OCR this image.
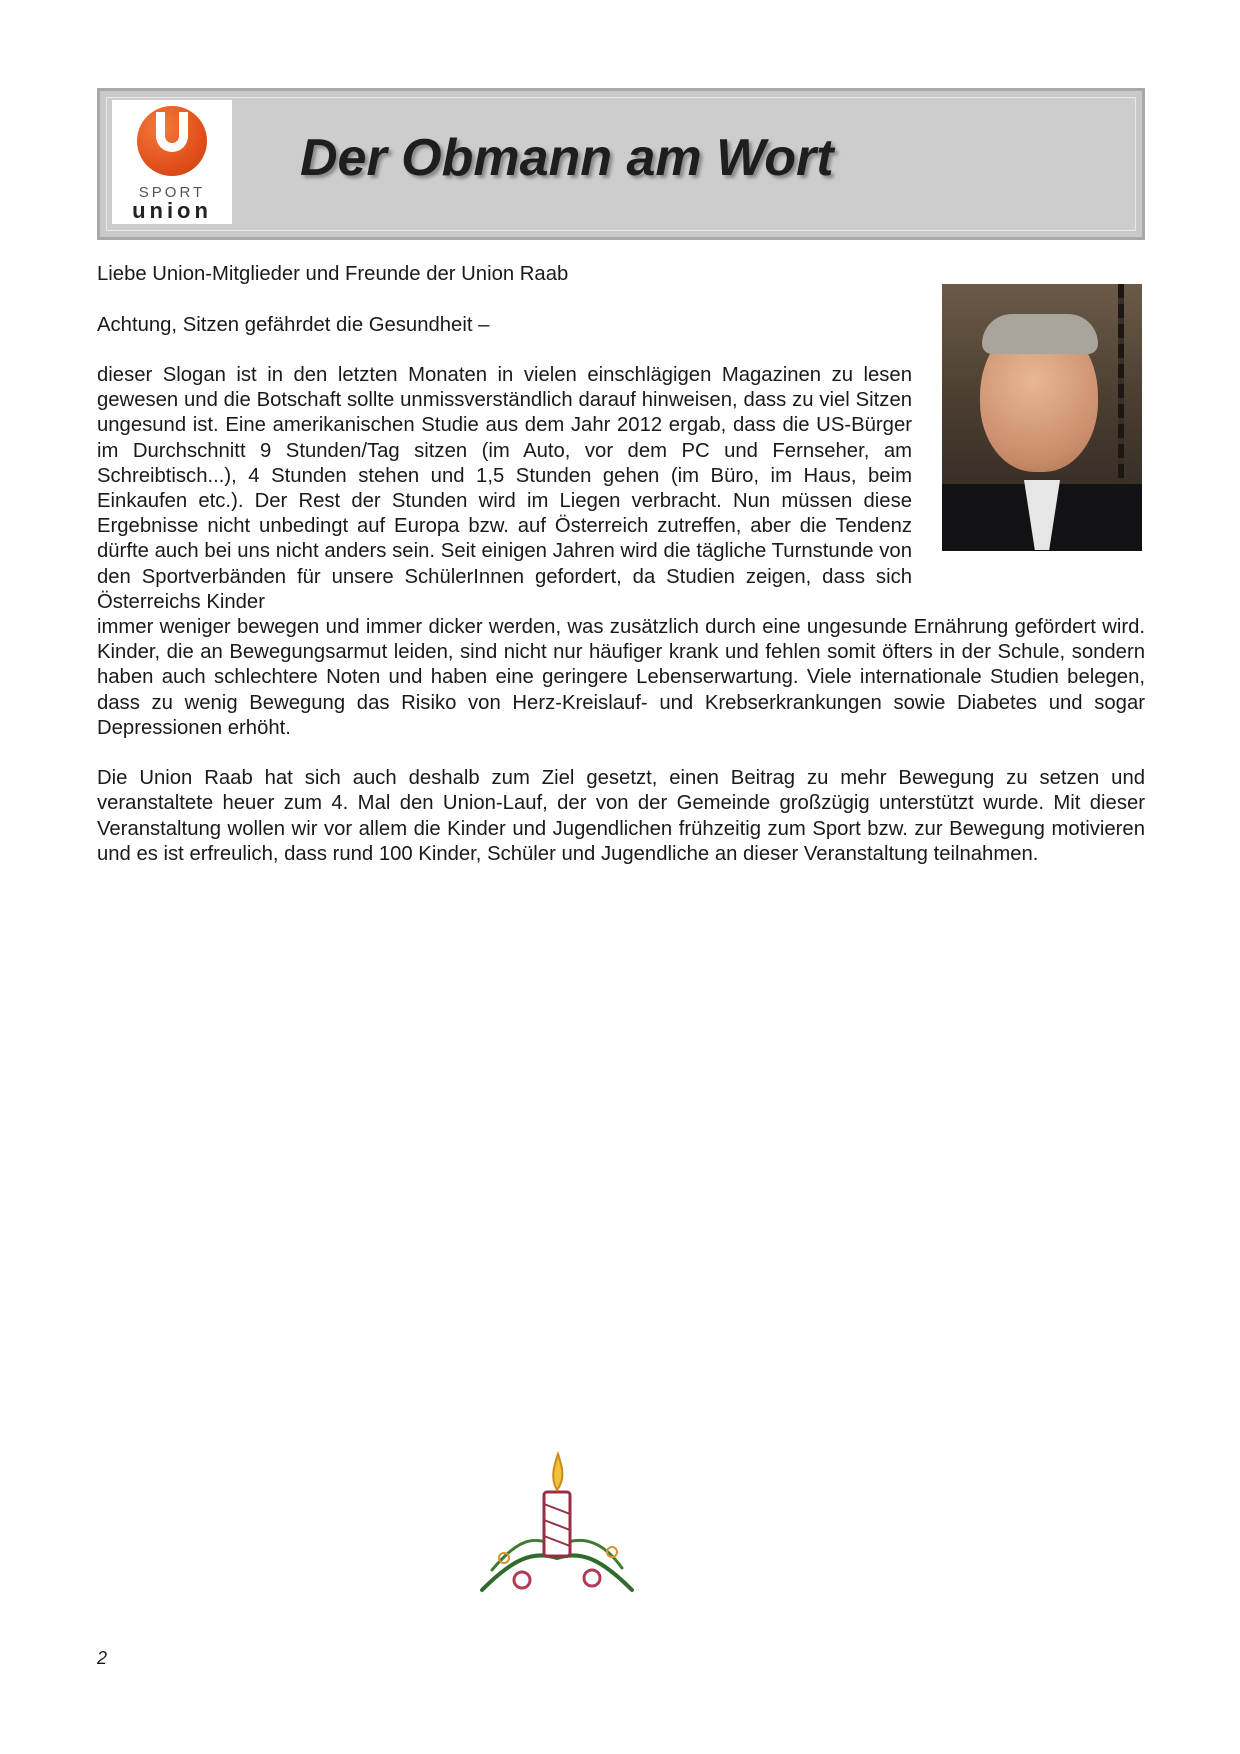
SPORT
union
Der Obmann am Wort
Liebe Union-Mitglieder und Freunde der Union Raab
Achtung, Sitzen gefährdet die Gesundheit –

dieser Slogan ist in den letzten Monaten in vielen einschlägigen Magazinen zu lesen gewesen und die Botschaft sollte unmissverständlich darauf hinweisen, dass zu viel Sitzen ungesund ist. Eine amerikanischen Studie aus dem Jahr 2012 ergab, dass die US-Bürger im Durchschnitt 9 Stunden/Tag sitzen (im Auto, vor dem PC und Fernseher, am Schreibtisch...), 4 Stunden stehen und 1,5 Stunden gehen (im Büro, im Haus, beim Einkaufen etc.). Der Rest der Stunden wird im Liegen verbracht. Nun müssen diese Ergebnisse nicht unbedingt auf Europa bzw. auf Österreich zutreffen, aber die Tendenz dürfte auch bei uns nicht anders sein. Seit einigen Jahren wird die tägliche Turnstunde von den Sportverbänden für unsere SchülerInnen gefordert, da Studien zeigen, dass sich Österreichs Kinder
immer weniger bewegen und immer dicker werden, was zusätzlich durch eine ungesunde Ernährung gefördert wird. Kinder, die an Bewegungsarmut leiden, sind nicht nur häufiger krank und fehlen somit öfters in der Schule, sondern haben auch schlechtere Noten und haben eine geringere Lebenserwartung. Viele internationale Studien belegen, dass zu wenig Bewegung das Risiko von Herz-Kreislauf- und Krebserkrankungen sowie Diabetes und sogar Depressionen erhöht.

Die Union Raab hat sich auch deshalb zum Ziel gesetzt, einen Beitrag zu mehr Bewegung zu setzen und veranstaltete heuer zum 4. Mal den Union-Lauf, der von der Gemeinde großzügig unterstützt wurde. Mit dieser Veranstaltung wollen wir vor allem die Kinder und Jugendlichen frühzeitig zum Sport bzw. zur Bewegung motivieren und es ist erfreulich, dass rund 100 Kinder, Schüler und Jugendliche an dieser Veranstaltung teilnahmen.

2
